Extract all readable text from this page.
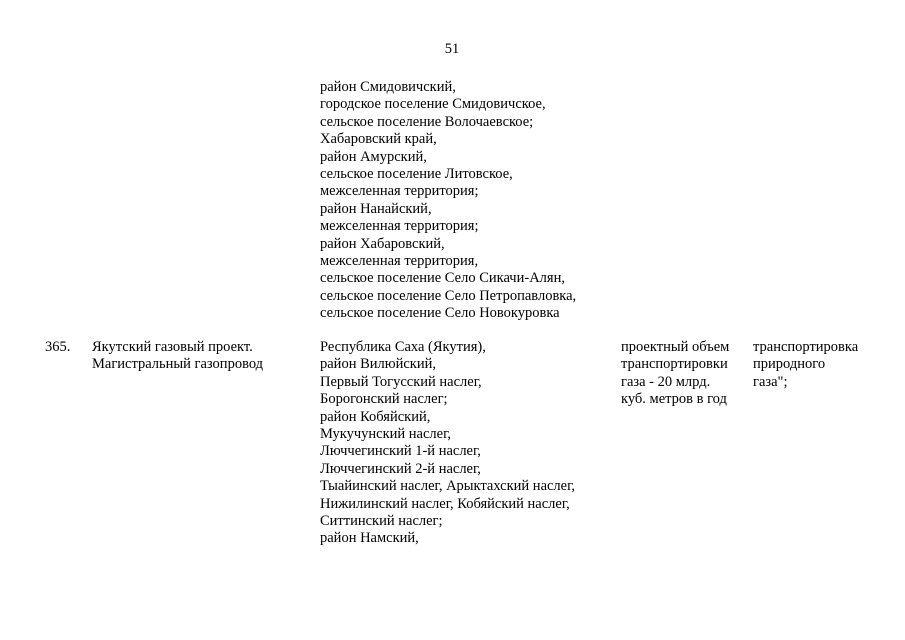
51
район Смидовичский,
городское поселение Смидовичское,
сельское поселение Волочаевское;
Хабаровский край,
район Амурский,
сельское поселение Литовское,
межселенная территория;
район Нанайский,
межселенная территория;
район Хабаровский,
межселенная территория,
сельское поселение Село Сикачи-Алян,
сельское поселение Село Петропавловка,
сельское поселение Село Новокуровка
365. Якутский газовый проект.
Магистральный газопровод
Республика Саха (Якутия),
район Вилюйский,
Первый Тогусский наслег,
Борогонский наслег;
район Кобяйский,
Мукучунский наслег,
Люччегинский 1-й наслег,
Люччегинский 2-й наслег,
Тыайинский наслег, Арыктахский наслег,
Нижилинский наслег, Кобяйский наслег,
Ситтинский наслег;
район Намский,
проектный объем
транспортировки
газа - 20 млрд.
куб. метров в год
транспортировка
природного
газа";
